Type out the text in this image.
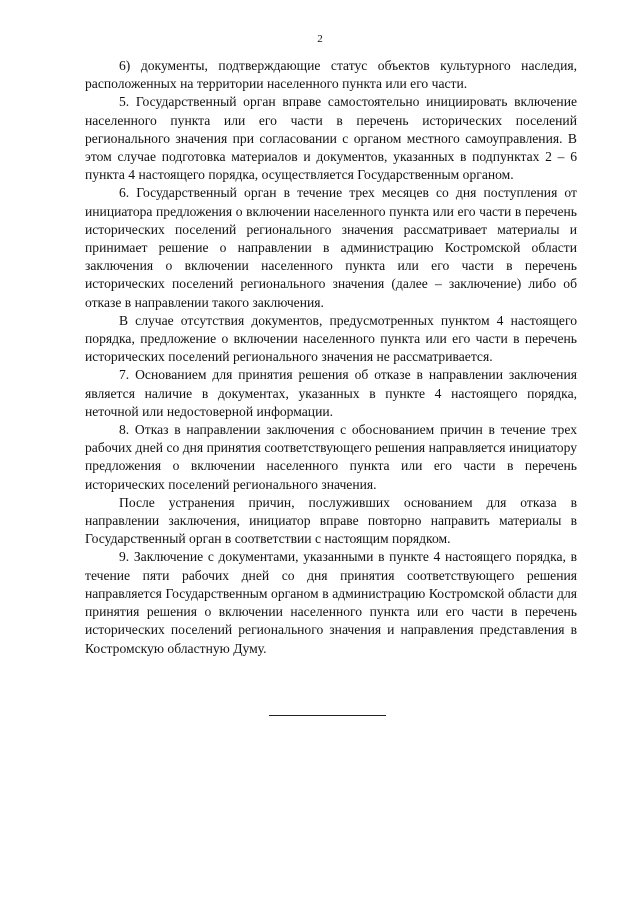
2

6) документы, подтверждающие статус объектов культурного наследия, расположенных на территории населенного пункта или его части.

5. Государственный орган вправе самостоятельно инициировать включение населенного пункта или его части в перечень исторических поселений регионального значения при согласовании с органом местного самоуправления. В этом случае подготовка материалов и документов, указанных в подпунктах 2 – 6 пункта 4 настоящего порядка, осуществляется Государственным органом.

6. Государственный орган в течение трех месяцев со дня поступления от инициатора предложения о включении населенного пункта или его части в перечень исторических поселений регионального значения рассматривает материалы и принимает решение о направлении в администрацию Костромской области заключения о включении населенного пункта или его части в перечень исторических поселений регионального значения (далее – заключение) либо об отказе в направлении такого заключения.

В случае отсутствия документов, предусмотренных пунктом 4 настоящего порядка, предложение о включении населенного пункта или его части в перечень исторических поселений регионального значения не рассматривается.

7. Основанием для принятия решения об отказе в направлении заключения является наличие в документах, указанных в пункте 4 настоящего порядка, неточной или недостоверной информации.

8. Отказ в направлении заключения с обоснованием причин в течение трех рабочих дней со дня принятия соответствующего решения направляется инициатору предложения о включении населенного пункта или его части в перечень исторических поселений регионального значения.

После устранения причин, послуживших основанием для отказа в направлении заключения, инициатор вправе повторно направить материалы в Государственный орган в соответствии с настоящим порядком.

9. Заключение с документами, указанными в пункте 4 настоящего порядка, в течение пяти рабочих дней со дня принятия соответствующего решения направляется Государственным органом в администрацию Костромской области для принятия решения о включении населенного пункта или его части в перечень исторических поселений регионального значения и направления представления в Костромскую областную Думу.
